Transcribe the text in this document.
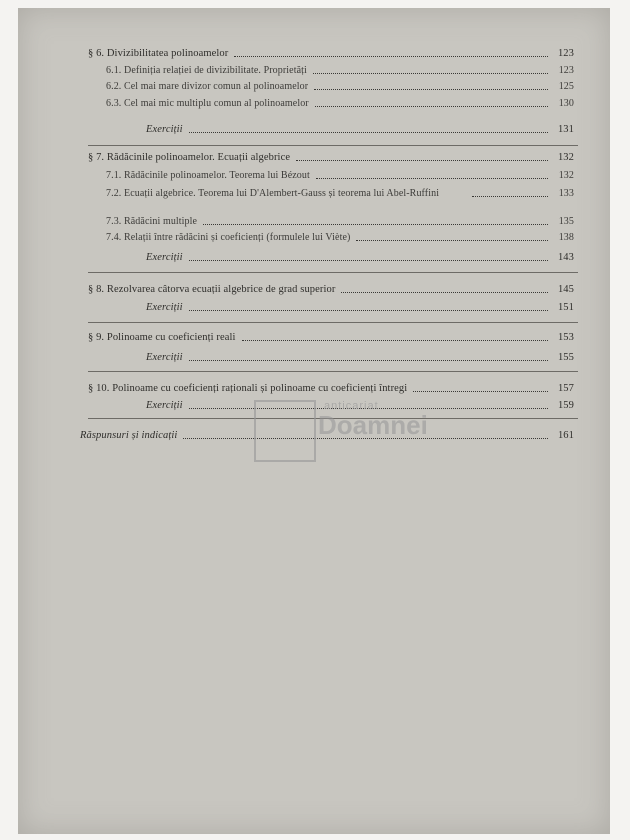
§ 6. Divizibilitatea polinoamelor	123
6.1. Definiția relației de divizibilitate. Proprietăți	123
6.2. Cel mai mare divizor comun al polinoamelor	125
6.3. Cel mai mic multiplu comun al polinoamelor	130
Exerciții	131
§ 7. Rădăcinile polinoamelor. Ecuații algebrice	132
7.1. Rădăcinile polinoamelor. Teorema lui Bézout	132
7.2. Ecuații algebrice. Teorema lui D'Alembert-Gauss și teorema lui Abel-Ruffini	133
7.3. Rădăcini multiple	135
7.4. Relații între rădăcini și coeficienți (formulele lui Viète)	138
Exerciții	143
§ 8. Rezolvarea câtorva ecuații algebrice de grad superior	145
Exerciții	151
§ 9. Polinoame cu coeficienți reali	153
Exerciții	155
§ 10. Polinoame cu coeficienți raționali și polinoame cu coeficienți întregi	157
Exerciții	159
Răspunsuri și indicații	161
anticariat
Doamnei
